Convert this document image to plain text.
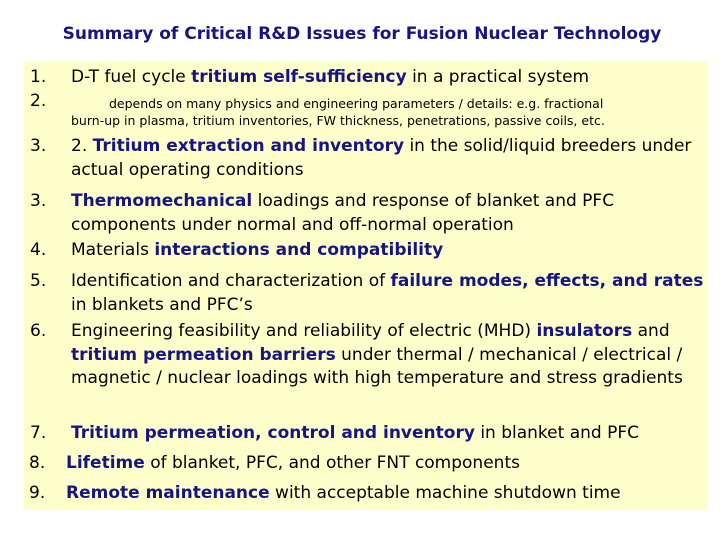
Summary of Critical R&D Issues for Fusion Nuclear Technology
1. D-T fuel cycle tritium self-sufficiency in a practical system
2.	depends on many physics and engineering parameters / details: e.g. fractional
burn-up in plasma, tritium inventories, FW thickness, penetrations, passive coils, etc.
3. 2. Tritium extraction and inventory in the solid/liquid breeders under actual operating conditions
3. Thermomechanical loadings and response of blanket and PFC components under normal and off-normal operation
4. Materials interactions and compatibility
5. Identification and characterization of failure modes, effects, and rates in blankets and PFC’s
6. Engineering feasibility and reliability of electric (MHD) insulators and tritium permeation barriers under thermal / mechanical / electrical / magnetic / nuclear loadings with high temperature and stress gradients
7. Tritium permeation, control and inventory in blanket and PFC
8. Lifetime of blanket, PFC, and other FNT components
9. Remote maintenance with acceptable machine shutdown time
